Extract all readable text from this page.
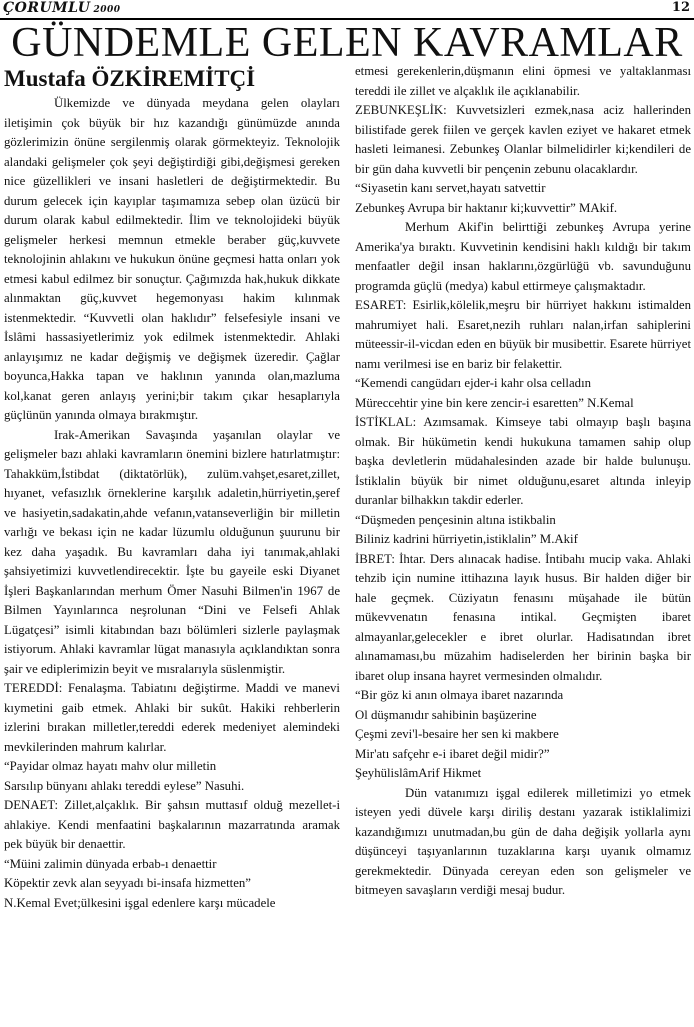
ÇORUMLU 2000	12
GÜNDEMLE GELEN KAVRAMLAR
Mustafa ÖZKİREMİTÇİ

Ülkemizde ve dünyada meydana gelen olayları iletişimin çok büyük bir hız kazandığı günümüzde anında gözlerimizin önüne sergilenmiş olarak görmekteyiz. Teknolojik alandaki gelişmeler çok şeyi değiştirdiği gibi,değişmesi gereken nice güzellikleri ve insani hasletleri de değiştirmektedir. Bu durum gelecek için kayıplar taşımamıza sebep olan üzücü bir durum olarak kabul edilmektedir. İlim ve teknolojideki büyük gelişmeler herkesi memnun etmekle beraber güç,kuvvete teknolojinin ahlakını ve hukukun önüne geçmesi hatta onları yok etmesi kabul edilmez bir sonuçtur. Çağımızda hak,hukuk dikkate alınmaktan güç,kuvvet hegemonyası hakim kılınmak istenmektedir. “Kuvvetli olan haklıdır” felsefesiyle insani ve İslâmi hassasiyetlerimiz yok edilmek istenmektedir. Ahlaki anlayışımız ne kadar değişmiş ve değişmek üzeredir. Çağlar boyunca,Hakka tapan ve haklının yanında olan,mazluma kol,kanat geren anlayış yerini;bir takım çıkar hesaplarıyla güçlünün yanında olmaya bırakmıştır.

Irak-Amerikan Savaşında yaşanılan olaylar ve gelişmeler bazı ahlaki kavramların önemini bizlere hatırlatmıştır: Tahakküm,İstibdat (diktatörlük), zulüm.vahşet,esaret,zillet, hıyanet, vefasızlık örneklerine karşılık adaletin,hürriyetin,şeref ve hasiyetin,sadakatin,ahde vefanın,vatanseverliğin bir milletin varlığı ve bekası için ne kadar lüzumlu olduğunun şuurunu bir kez daha yaşadık. Bu kavramları daha iyi tanımak,ahlaki şahsiyetimizi kuvvetlendirecektir. İşte bu gayeile eski Diyanet İşleri Başkanlarından merhum Ömer Nasuhi Bilmen'in 1967 de Bilmen Yayınlarınca neşrolunan “Dini ve Felsefi Ahlak Lügatçesi” isimli kitabından bazı bölümleri sizlerle paylaşmak istiyorum. Ahlaki kavramlar lügat manasıyla açıklandıktan sonra şair ve ediplerimizin beyit ve mısralarıyla süslenmiştir.

TEREDDİ: Fenalaşma. Tabiatını değiştirme. Maddi ve manevi kıymetini gaib etmek. Ahlaki bir sukût. Hakiki rehberlerin izlerini bırakan milletler,tereddi ederek medeniyet alemindeki mevkilerinden mahrum kalırlar.

“Payidar olmaz hayatı mahv olur milletin

Sarsılıp bünyanı ahlakı tereddi eylese” Nasuhi.

DENAET: Zillet,alçaklık. Bir şahsın muttasıf olduğ mezellet-i ahlakiye. Kendi menfaatini başkalarının mazarratında aramak pek büyük bir denaettir.

“Müini zalimin dünyada erbab-ı denaettir

Köpektir zevk alan seyyadı bi-insafa hizmetten”

N.Kemal Evet;ülkesini işgal edenlere karşı mücadele

etmesi gerekenlerin,düşmanın elini öpmesi ve yaltaklanması tereddi ile zillet ve alçaklık ile açıklanabilir.

ZEBUNKEŞLİK: Kuvvetsizleri ezmek,nasa aciz hallerinden bilistifade gerek fiilen ve gerçek kavlen eziyet ve hakaret etmek hasleti leimanesi. Zebunkeş Olanlar bilmelidirler ki;kendileri de bir gün daha kuvvetli bir pençenin zebunu olacaklardır.

“Siyasetin kanı servet,hayatı satvettir

Zebunkeş Avrupa bir haktanır ki;kuvvettir” MAkif.

Merhum Akif'in belirttiği zebunkeş Avrupa yerine Amerika'ya bıraktı. Kuvvetinin kendisini haklı kıldığı bir takım menfaatler değil insan haklarını,özgürlüğü vb. savunduğunu programda güçlü (medya) kabul ettirmeye çalışmaktadır.

ESARET: Esirlik,kölelik,meşru bir hürriyet hakkını istimalden mahrumiyet hali. Esaret,nezih ruhları nalan,irfan sahiplerini müteessir-il-vicdan eden en büyük bir musibettir. Esarete hürriyet namı verilmesi ise en bariz bir felakettir.

“Kemendi cangüdarı ejder-i kahr olsa celladın

Müreccehtir yine bin kere zencir-i esaretten” N.Kemal

İSTİKLAL: Azımsamak. Kimseye tabi olmayıp başlı başına olmak. Bir hükümetin kendi hukukuna tamamen sahip olup başka devletlerin müdahalesinden azade bir halde bulunuşu. İstiklalin büyük bir nimet olduğunu,esaret altında inleyip duranlar bilhakkın takdir ederler.

“Düşmeden pençesinin altına istikbalin

Biliniz kadrini hürriyetin,istiklalin” M.Akif

İBRET: İhtar. Ders alınacak hadise. İntibahı mucip vaka. Ahlaki tehzib için numine ittihazına layık husus. Bir halden diğer bir hale geçmek. Cüziyatın fenasını müşahade ile bütün mükevvenatın fenasına intikal. Geçmişten ibaret almayanlar,gelecekler e ibret olurlar. Hadisatından ibret alınamaması,bu müzahim hadiselerden her birinin başka bir ibaret olup insana hayret vermesinden olmalıdır.

“Bir göz ki anın olmaya ibaret nazarında

Ol düşmanıdır sahibinin başüzerine

Çeşmi zevi'l-besaire her sen ki makbere

Mir'atı safçehr e-i ibaret değil midir?”

ŞeyhülislâmArif Hikmet

Dün vatanımızı işgal edilerek milletimizi yo etmek isteyen yedi düvele karşı diriliş destanı yazarak istiklalimizi kazandığımızı unutmadan,bu gün de daha değişik yollarla aynı düşünceyi taşıyanlarının tuzaklarına karşı uyanık olmamız gerekmektedir. Dünyada cereyan eden son gelişmeler ve bitmeyen savaşların verdiği mesaj budur.
